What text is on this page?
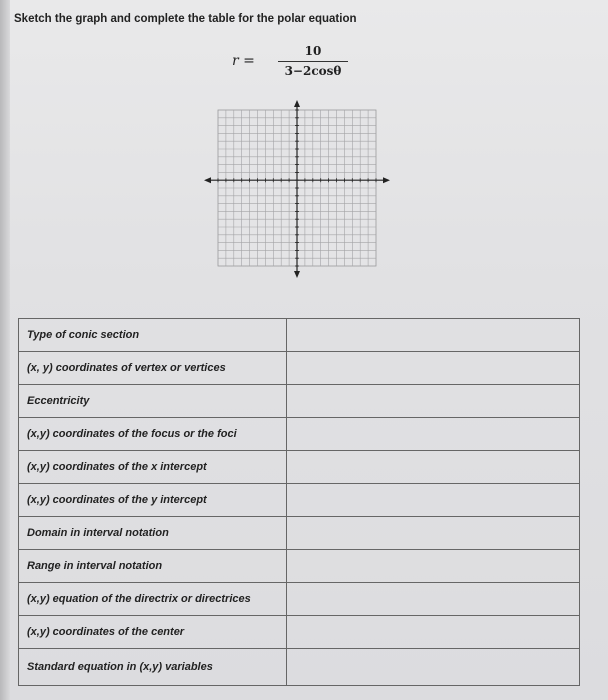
Sketch the graph and complete the table for the polar equation
r =
10
3−2cosθ
Type of conic section	
(x, y) coordinates of vertex or vertices	
Eccentricity	
(x,y) coordinates of the focus or the foci	
(x,y) coordinates of the x intercept	
(x,y) coordinates of the y intercept	
Domain in interval notation	
Range in interval notation	
(x,y) equation of the directrix or directrices	
(x,y) coordinates of the center	
Standard equation in (x,y) variables	
